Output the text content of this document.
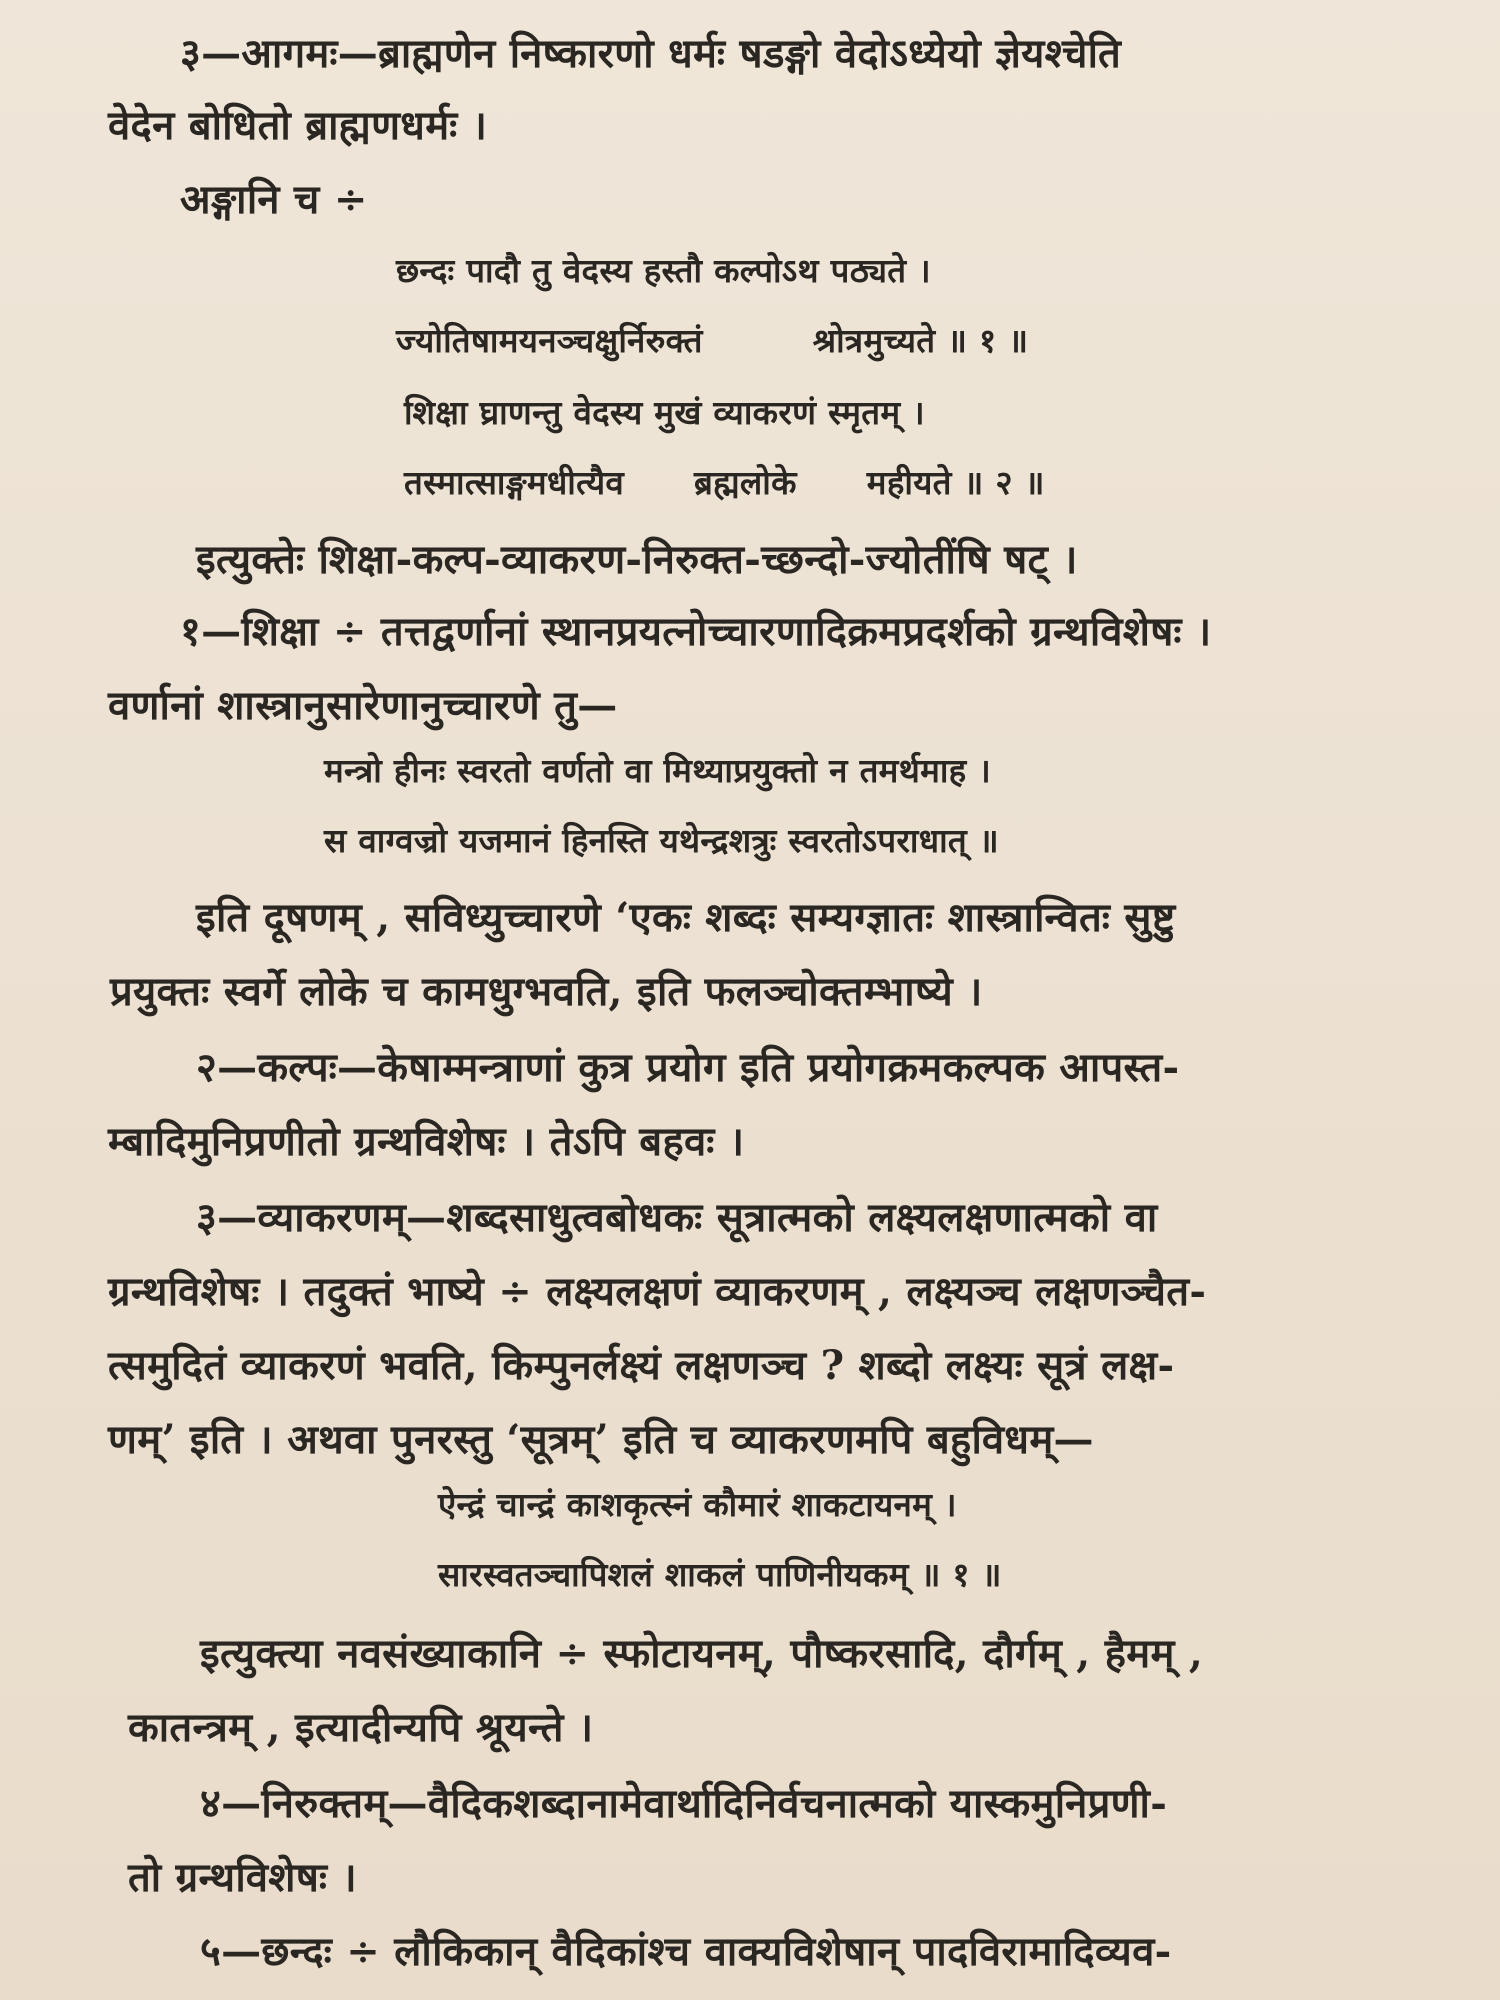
३—आगमः—ब्राह्मणेन निष्कारणो धर्मः षडङ्गो वेदोऽध्येयो ज्ञेयश्चेति
वेदेन बोधितो ब्राह्मणधर्मः ।
अङ्गानि च ÷
छन्दः पादौ तु वेदस्य हस्तौ कल्पोऽथ पठ्यते ।
ज्योतिषामयनञ्चक्षुर्निरुक्तं	श्रोत्रमुच्यते ॥ १ ॥
शिक्षा घ्राणन्तु वेदस्य मुखं व्याकरणं स्मृतम् ।
तस्मात्साङ्गमधीत्यैव ब्रह्मलोके महीयते ॥ २ ॥
इत्युक्तेः शिक्षा-कल्प-व्याकरण-निरुक्त-च्छन्दो-ज्योतींषि षट् ।
१—शिक्षा ÷ तत्तद्वर्णानां स्थानप्रयत्नोच्चारणादिक्रमप्रदर्शको ग्रन्थविशेषः ।
वर्णानां शास्त्रानुसारेणानुच्चारणे तु—
मन्त्रो हीनः स्वरतो वर्णतो वा मिथ्याप्रयुक्तो न तमर्थमाह ।
स वाग्वज्रो यजमानं हिनस्ति यथेन्द्रशत्रुः स्वरतोऽपराधात् ॥
इति दूषणम् , सविध्युच्चारणे ‘एकः शब्दः सम्यग्ज्ञातः शास्त्रान्वितः सुष्टु
प्रयुक्तः स्वर्गे लोके च कामधुग्भवति, इति फलञ्चोक्तम्भाष्ये ।
२—कल्पः—केषाम्मन्त्राणां कुत्र प्रयोग इति प्रयोगक्रमकल्पक आपस्त-
म्बादिमुनिप्रणीतो ग्रन्थविशेषः । तेऽपि बहवः ।
३—व्याकरणम्—शब्दसाधुत्वबोधकः सूत्रात्मको लक्ष्यलक्षणात्मको वा
ग्रन्थविशेषः । तदुक्तं भाष्ये ÷ लक्ष्यलक्षणं व्याकरणम् , लक्ष्यञ्च लक्षणञ्चैत-
त्समुदितं व्याकरणं भवति, किम्पुनर्लक्ष्यं लक्षणञ्च ? शब्दो लक्ष्यः सूत्रं लक्ष-
णम्’ इति । अथवा पुनरस्तु ‘सूत्रम्’ इति च व्याकरणमपि बहुविधम्—
ऐन्द्रं चान्द्रं काशकृत्स्नं कौमारं शाकटायनम् ।
सारस्वतञ्चापिशलं शाकलं पाणिनीयकम् ॥ १ ॥
इत्युक्त्या नवसंख्याकानि ÷ स्फोटायनम्, पौष्करसादि, दौर्गम् , हैमम् ,
कातन्त्रम् , इत्यादीन्यपि श्रूयन्ते ।
४—निरुक्तम्—वैदिकशब्दानामेवार्थादिनिर्वचनात्मको यास्कमुनिप्रणी-
तो ग्रन्थविशेषः ।
५—छन्दः ÷ लौकिकान् वैदिकांश्च वाक्यविशेषान् पादविरामादिव्यव-
